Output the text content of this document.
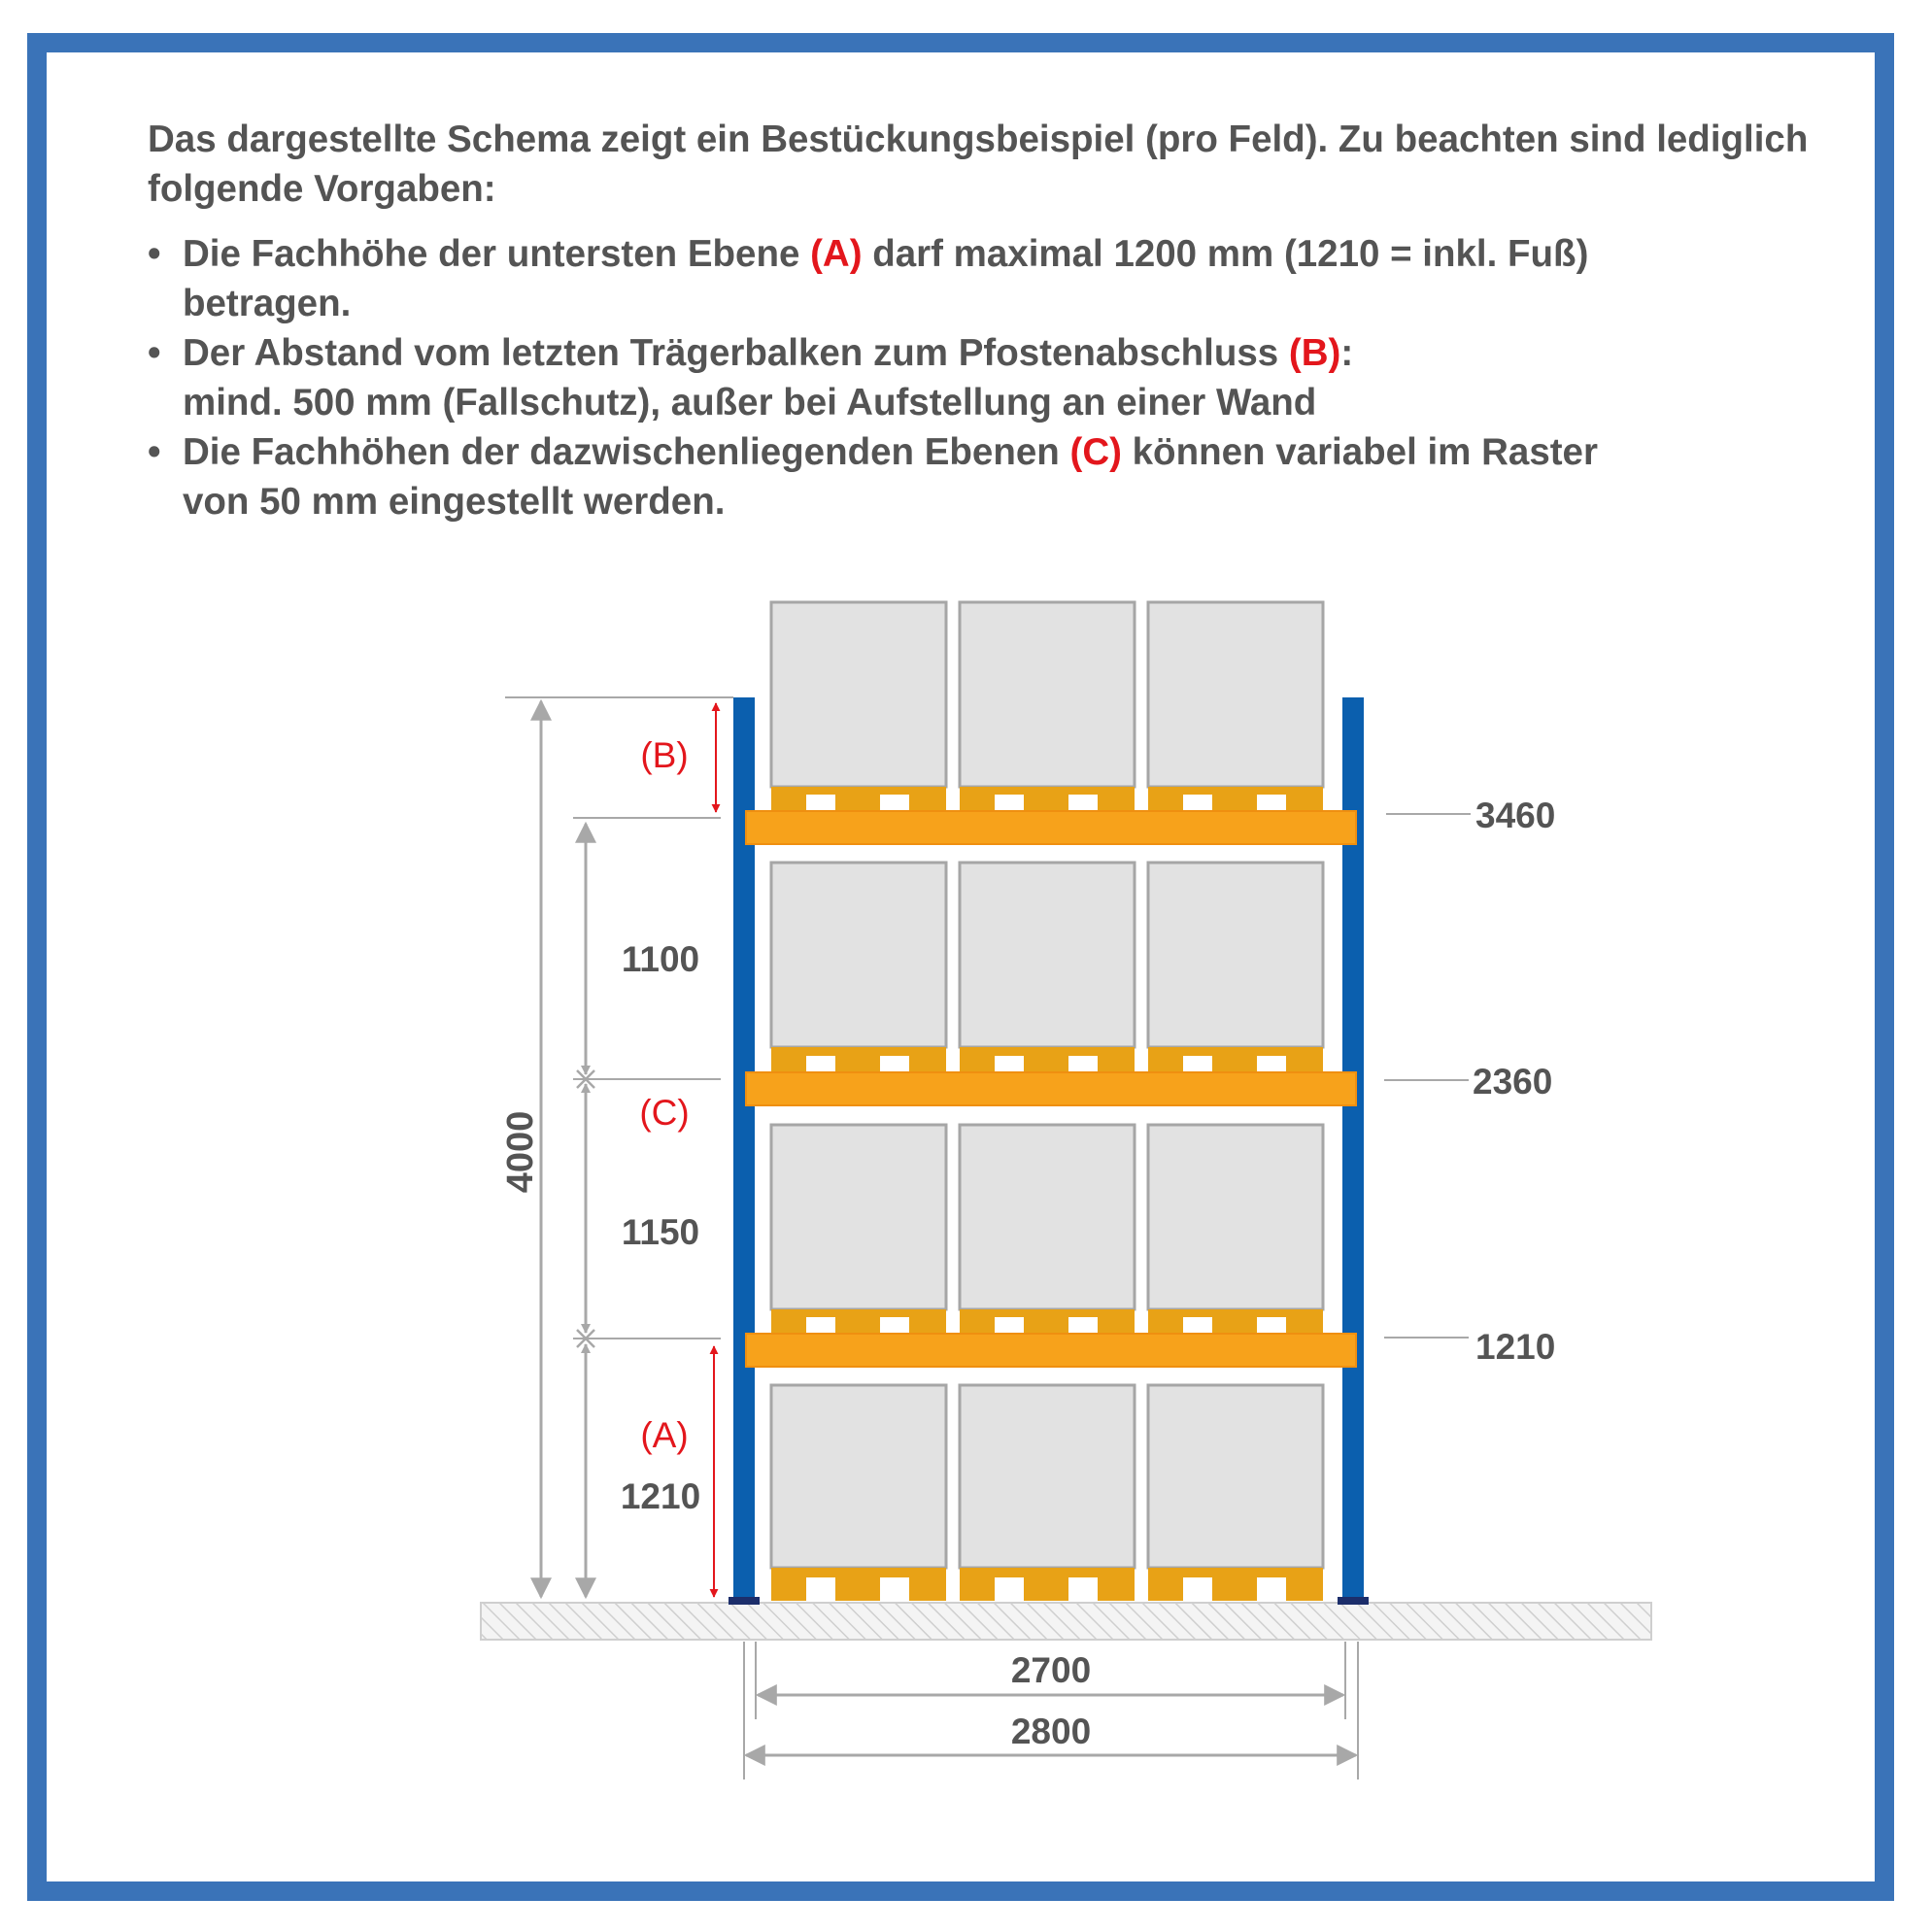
Das dargestellte Schema zeigt ein Bestückungsbeispiel (pro Feld). Zu beachten sind lediglich folgende Vorgaben:

• Die Fachhöhe der untersten Ebene (A) darf maximal 1200 mm (1210 = inkl. Fuß)
betragen.
• Der Abstand vom letzten Trägerbalken zum Pfostenabschluss (B):
mind. 500 mm (Fallschutz), außer bei Aufstellung an einer Wand
• Die Fachhöhen der dazwischenliegenden Ebenen (C) können variabel im Raster
von 50 mm eingestellt werden.
4000
(B)
1100
(C)
1150
(A)
1210
3460
2360
1210
2700
2800
